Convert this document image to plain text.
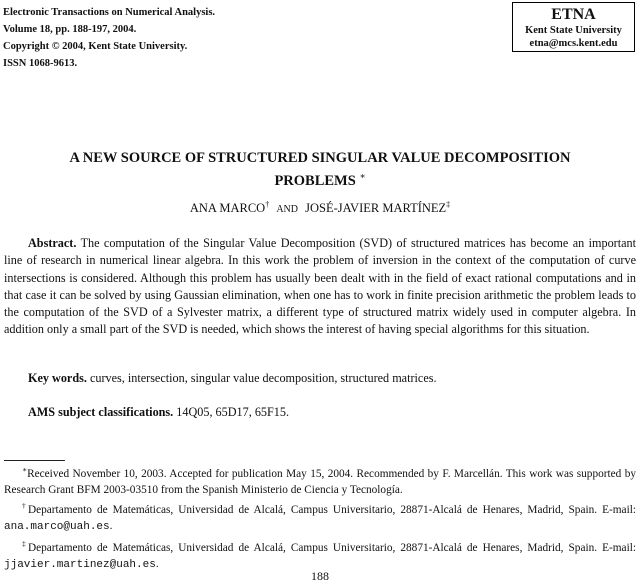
Electronic Transactions on Numerical Analysis.
Volume 18, pp. 188-197, 2004.
Copyright © 2004, Kent State University.
ISSN 1068-9613.
ETNA
Kent State University
etna@mcs.kent.edu
A NEW SOURCE OF STRUCTURED SINGULAR VALUE DECOMPOSITION
PROBLEMS ∗
ANA MARCO† AND JOSÉ-JAVIER MARTÍNEZ‡
Abstract. The computation of the Singular Value Decomposition (SVD) of structured matrices has become an important line of research in numerical linear algebra. In this work the problem of inversion in the context of the computation of curve intersections is considered. Although this problem has usually been dealt with in the field of exact rational computations and in that case it can be solved by using Gaussian elimination, when one has to work in finite precision arithmetic the problem leads to the computation of the SVD of a Sylvester matrix, a different type of structured matrix widely used in computer algebra. In addition only a small part of the SVD is needed, which shows the interest of having special algorithms for this situation.
Key words. curves, intersection, singular value decomposition, structured matrices.
AMS subject classifications. 14Q05, 65D17, 65F15.
∗Received November 10, 2003. Accepted for publication May 15, 2004. Recommended by F. Marcellán. This work was supported by Research Grant BFM 2003-03510 from the Spanish Ministerio de Ciencia y Tecnología.
†Departamento de Matemáticas, Universidad de Alcalá, Campus Universitario, 28871-Alcalá de Henares, Madrid, Spain. E-mail: ana.marco@uah.es.
‡Departamento de Matemáticas, Universidad de Alcalá, Campus Universitario, 28871-Alcalá de Henares, Madrid, Spain. E-mail: jjavier.martinez@uah.es.
188
